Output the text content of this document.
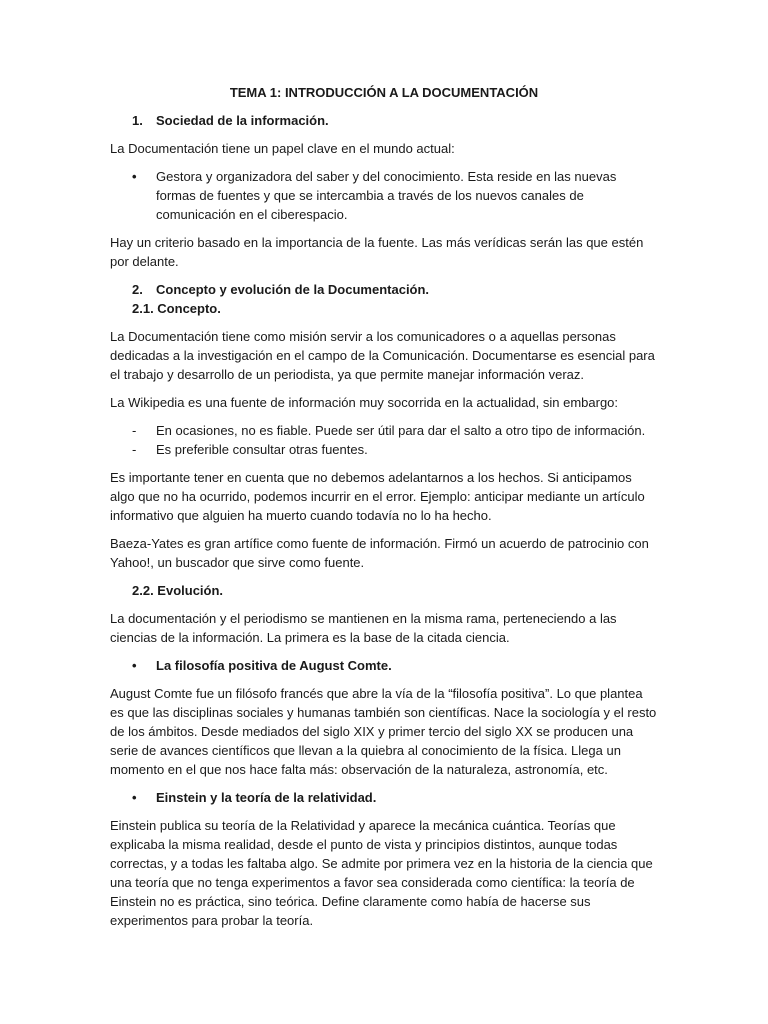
TEMA 1: INTRODUCCIÓN A LA DOCUMENTACIÓN

1.	Sociedad de la información.

La Documentación tiene un papel clave en el mundo actual:

• Gestora y organizadora del saber y del conocimiento. Esta reside en las nuevas formas de fuentes y que se intercambia a través de los nuevos canales de comunicación en el ciberespacio.

Hay un criterio basado en la importancia de la fuente. Las más verídicas serán las que estén por delante.

2.	Concepto y evolución de la Documentación.

2.1. Concepto.

La Documentación tiene como misión servir a los comunicadores o a aquellas personas dedicadas a la investigación en el campo de la Comunicación. Documentarse es esencial para el trabajo y desarrollo de un periodista, ya que permite manejar información veraz.

La Wikipedia es una fuente de información muy socorrida en la actualidad, sin embargo:

- En ocasiones, no es fiable. Puede ser útil para dar el salto a otro tipo de información.
- Es preferible consultar otras fuentes.

Es importante tener en cuenta que no debemos adelantarnos a los hechos. Si anticipamos algo que no ha ocurrido, podemos incurrir en el error. Ejemplo: anticipar mediante un artículo informativo que alguien ha muerto cuando todavía no lo ha hecho.

Baeza-Yates es gran artífice como fuente de información. Firmó un acuerdo de patrocinio con Yahoo!, un buscador que sirve como fuente.

2.2. Evolución.

La documentación y el periodismo se mantienen en la misma rama, perteneciendo a las ciencias de la información. La primera es la base de la citada ciencia.

• La filosofía positiva de August Comte.

August Comte fue un filósofo francés que abre la vía de la “filosofía positiva”. Lo que plantea es que las disciplinas sociales y humanas también son científicas. Nace la sociología y el resto de los ámbitos. Desde mediados del siglo XIX y primer tercio del siglo XX se producen una serie de avances científicos que llevan a la quiebra al conocimiento de la física. Llega un momento en el que nos hace falta más: observación de la naturaleza, astronomía, etc.

• Einstein y la teoría de la relatividad.

Einstein publica su teoría de la Relatividad y aparece la mecánica cuántica. Teorías que explicaba la misma realidad, desde el punto de vista y principios distintos, aunque todas correctas, y a todas les faltaba algo. Se admite por primera vez en la historia de la ciencia que una teoría que no tenga experimentos a favor sea considerada como científica: la teoría de Einstein no es práctica, sino teórica. Define claramente como había de hacerse sus experimentos para probar la teoría.
